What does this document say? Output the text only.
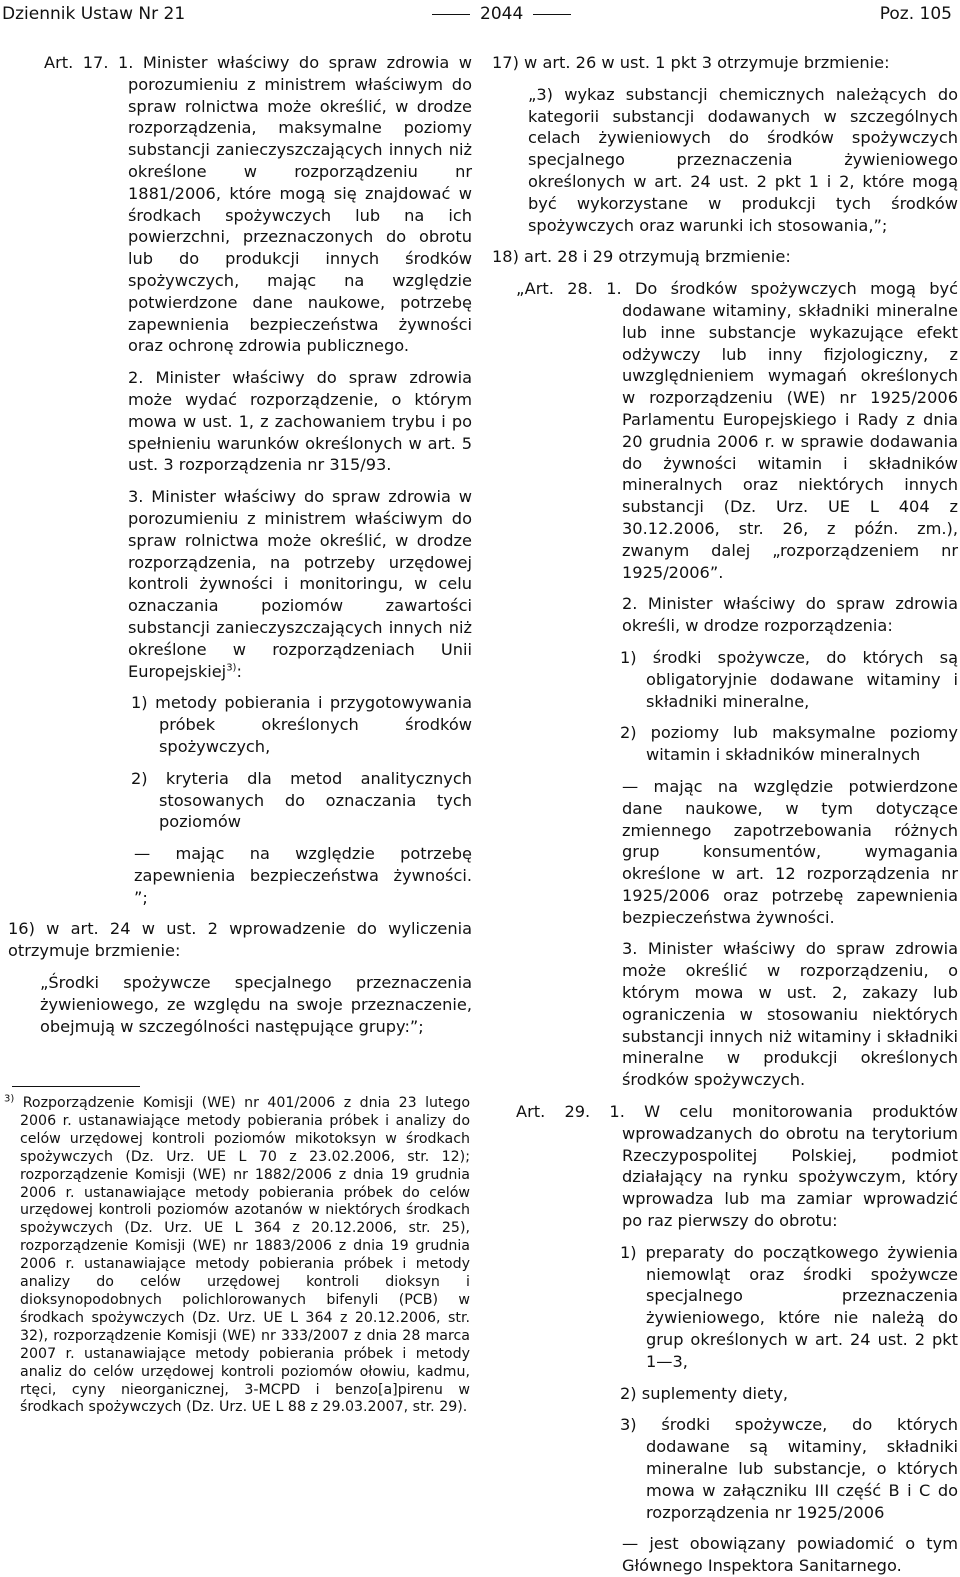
Dziennik Ustaw Nr 21	2044	Poz. 105

Art. 17. 1. Minister właściwy do spraw zdrowia w porozumieniu z ministrem właściwym do spraw rolnictwa może określić, w drodze rozporządzenia, maksymalne poziomy substancji zanieczyszczających innych niż określone w rozporządzeniu nr 1881/2006, które mogą się znajdować w środkach spożywczych lub na ich powierzchni, przeznaczonych do obrotu lub do produkcji innych środków spożywczych, mając na względzie potwierdzone dane naukowe, potrzebę zapewnienia bezpieczeństwa żywności oraz ochronę zdrowia publicznego.

2. Minister właściwy do spraw zdrowia może wydać rozporządzenie, o którym mowa w ust. 1, z zachowaniem trybu i po spełnieniu warunków określonych w art. 5 ust. 3 rozporządzenia nr 315/93.

3. Minister właściwy do spraw zdrowia w porozumieniu z ministrem właściwym do spraw rolnictwa może określić, w drodze rozporządzenia, na potrzeby urzędowej kontroli żywności i monitoringu, w celu oznaczania poziomów zawartości substancji zanieczyszczających innych niż określone w rozporządzeniach Unii Europejskiej$^{3)}$:

1) metody pobierania i przygotowywania próbek określonych środków spożywczych,

2) kryteria dla metod analitycznych stosowanych do oznaczania tych poziomów

— mając na względzie potrzebę zapewnienia bezpieczeństwa żywności. ”;

16) w art. 24 w ust. 2 wprowadzenie do wyliczenia otrzymuje brzmienie:

„Środki spożywcze specjalnego przeznaczenia żywieniowego, ze względu na swoje przeznaczenie, obejmują w szczególności następujące grupy:”;

$^{3)}$ Rozporządzenie Komisji (WE) nr 401/2006 z dnia 23 lutego 2006 r. ustanawiające metody pobierania próbek i analizy do celów urzędowej kontroli poziomów mikotoksyn w środkach spożywczych (Dz. Urz. UE L 70 z 23.02.2006, str. 12); rozporządzenie Komisji (WE) nr 1882/2006 z dnia 19 grudnia 2006 r. ustanawiające metody pobierania próbek do celów urzędowej kontroli poziomów azotanów w niektórych środkach spożywczych (Dz. Urz. UE L 364 z 20.12.2006, str. 25), rozporządzenie Komisji (WE) nr 1883/2006 z dnia 19 grudnia 2006 r. ustanawiające metody pobierania próbek i metody analizy do celów urzędowej kontroli dioksyn i dioksynopodobnych polichlorowanych bifenyli (PCB) w środkach spożywczych (Dz. Urz. UE L 364 z 20.12.2006, str. 32), rozporządzenie Komisji (WE) nr 333/2007 z dnia 28 marca 2007 r. ustanawiające metody pobierania próbek i metody analiz do celów urzędowej kontroli poziomów ołowiu, kadmu, rtęci, cyny nieorganicznej, 3-MCPD i benzo[a]pirenu w środkach spożywczych (Dz. Urz. UE L 88 z 29.03.2007, str. 29).

17) w art. 26 w ust. 1 pkt 3 otrzymuje brzmienie:

„3) wykaz substancji chemicznych należących do kategorii substancji dodawanych w szczególnych celach żywieniowych do środków spożywczych specjalnego przeznaczenia żywieniowego określonych w art. 24 ust. 2 pkt 1 i 2, które mogą być wykorzystane w produkcji tych środków spożywczych oraz warunki ich stosowania,”;

18) art. 28 i 29 otrzymują brzmienie:

„Art. 28. 1. Do środków spożywczych mogą być dodawane witaminy, składniki mineralne lub inne substancje wykazujące efekt odżywczy lub inny fizjologiczny, z uwzględnieniem wymagań określonych w rozporządzeniu (WE) nr 1925/2006 Parlamentu Europejskiego i Rady z dnia 20 grudnia 2006 r. w sprawie dodawania do żywności witamin i składników mineralnych oraz niektórych innych substancji (Dz. Urz. UE L 404 z 30.12.2006, str. 26, z późn. zm.), zwanym dalej „rozporządzeniem nr 1925/2006”.

2. Minister właściwy do spraw zdrowia określi, w drodze rozporządzenia:

1) środki spożywcze, do których są obligatoryjnie dodawane witaminy i składniki mineralne,

2) poziomy lub maksymalne poziomy witamin i składników mineralnych

— mając na względzie potwierdzone dane naukowe, w tym dotyczące zmiennego zapotrzebowania różnych grup konsumentów, wymagania określone w art. 12 rozporządzenia nr 1925/2006 oraz potrzebę zapewnienia bezpieczeństwa żywności.

3. Minister właściwy do spraw zdrowia może określić w rozporządzeniu, o którym mowa w ust. 2, zakazy lub ograniczenia w stosowaniu niektórych substancji innych niż witaminy i składniki mineralne w produkcji określonych środków spożywczych.

Art. 29. 1. W celu monitorowania produktów wprowadzanych do obrotu na terytorium Rzeczypospolitej Polskiej, podmiot działający na rynku spożywczym, który wprowadza lub ma zamiar wprowadzić po raz pierwszy do obrotu:

1) preparaty do początkowego żywienia niemowląt oraz środki spożywcze specjalnego przeznaczenia żywieniowego, które nie należą do grup określonych w art. 24 ust. 2 pkt 1—3,

2) suplementy diety,

3) środki spożywcze, do których dodawane są witaminy, składniki mineralne lub substancje, o których mowa w załączniku III część B i C do rozporządzenia nr 1925/2006

— jest obowiązany powiadomić o tym Głównego Inspektora Sanitarnego.
